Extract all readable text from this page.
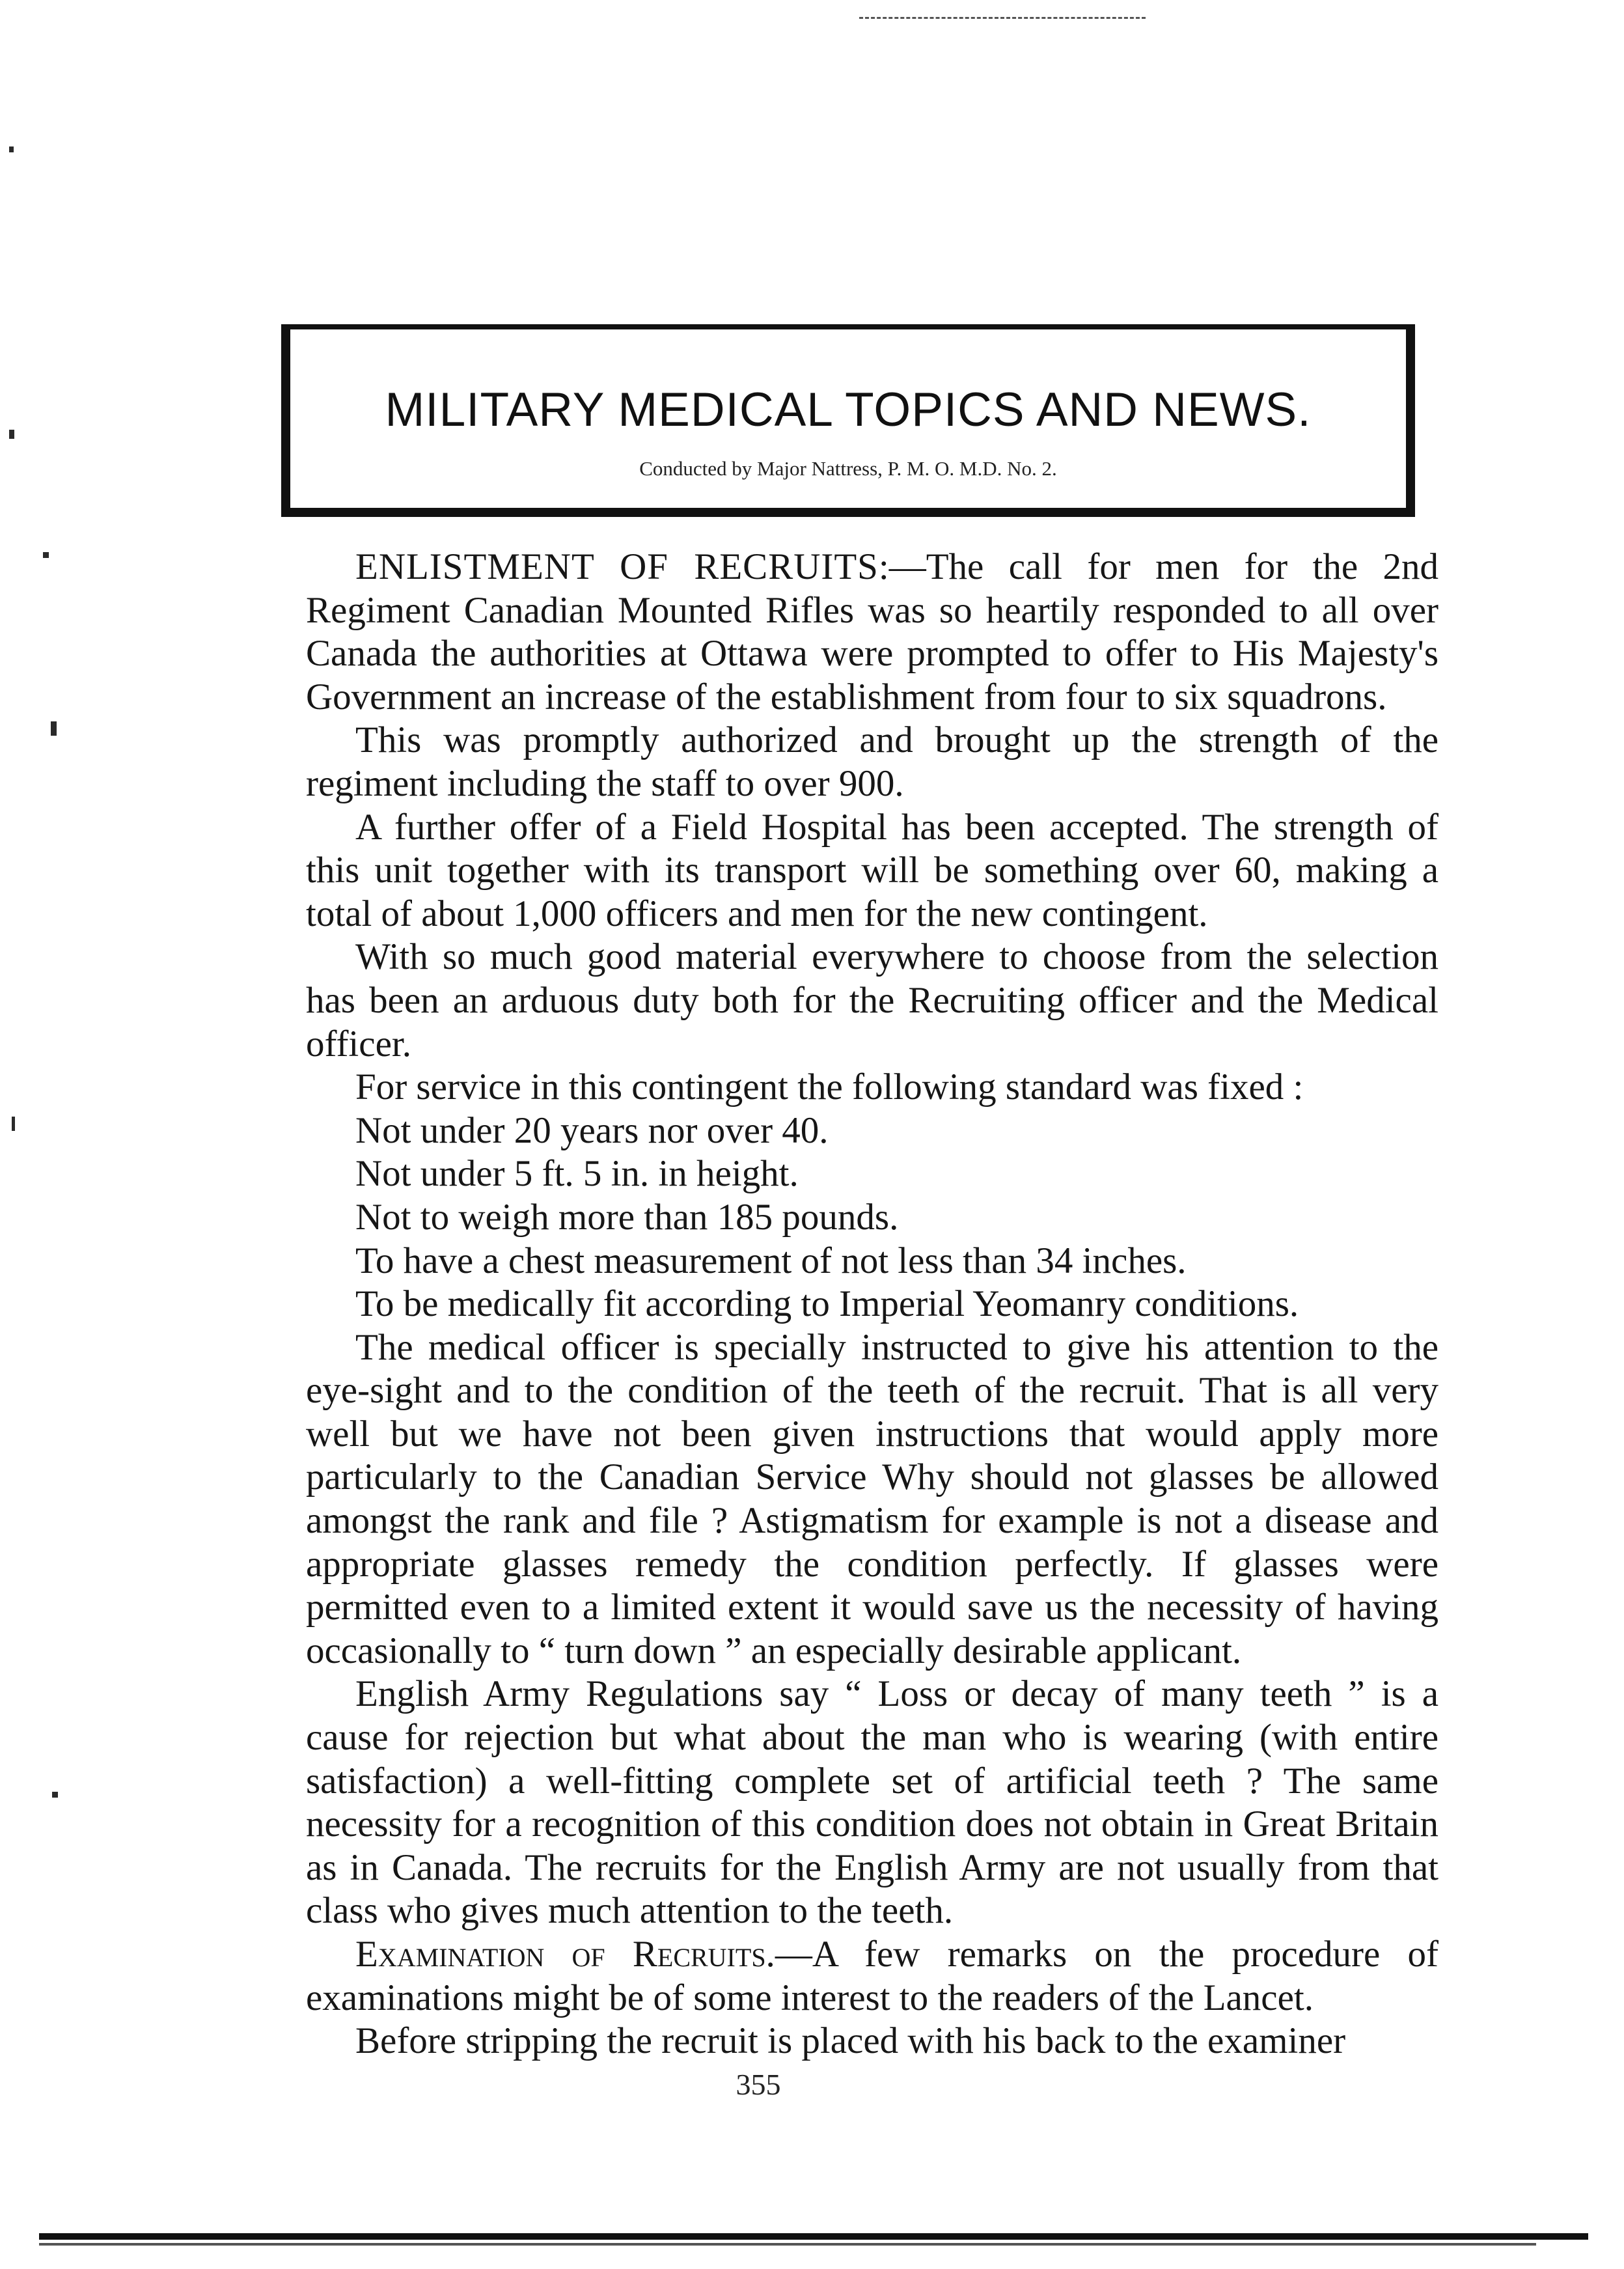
MILITARY MEDICAL TOPICS AND NEWS.
Conducted by Major Nattress, P. M. O. M.D. No. 2.

ENLISTMENT OF RECRUITS:—The call for men for the 2nd Regiment Canadian Mounted Rifles was so heartily responded to all over Canada the authorities at Ottawa were prompted to offer to His Majesty's Government an increase of the establishment from four to six squadrons.

This was promptly authorized and brought up the strength of the regiment including the staff to over 900.

A further offer of a Field Hospital has been accepted. The strength of this unit together with its transport will be something over 60, making a total of about 1,000 officers and men for the new contingent.

With so much good material everywhere to choose from the selection has been an arduous duty both for the Recruiting officer and the Medical officer.

For service in this contingent the following standard was fixed :

Not under 20 years nor over 40.

Not under 5 ft. 5 in. in height.

Not to weigh more than 185 pounds.

To have a chest measurement of not less than 34 inches.

To be medically fit according to Imperial Yeomanry conditions.

The medical officer is specially instructed to give his attention to the eye-sight and to the condition of the teeth of the recruit. That is all very well but we have not been given instructions that would apply more particularly to the Canadian Service Why should not glasses be allowed amongst the rank and file ? Astigmatism for example is not a disease and appropriate glasses remedy the condition perfectly. If glasses were permitted even to a limited extent it would save us the necessity of having occasionally to “ turn down ” an especially desirable applicant.

English Army Regulations say “ Loss or decay of many teeth ” is a cause for rejection but what about the man who is wearing (with entire satisfaction) a well-fitting complete set of artificial teeth ? The same necessity for a recognition of this condition does not obtain in Great Britain as in Canada. The recruits for the English Army are not usually from that class who gives much attention to the teeth.

Examination of Recruits.—A few remarks on the procedure of examinations might be of some interest to the readers of the Lancet.

Before stripping the recruit is placed with his back to the examiner

355
